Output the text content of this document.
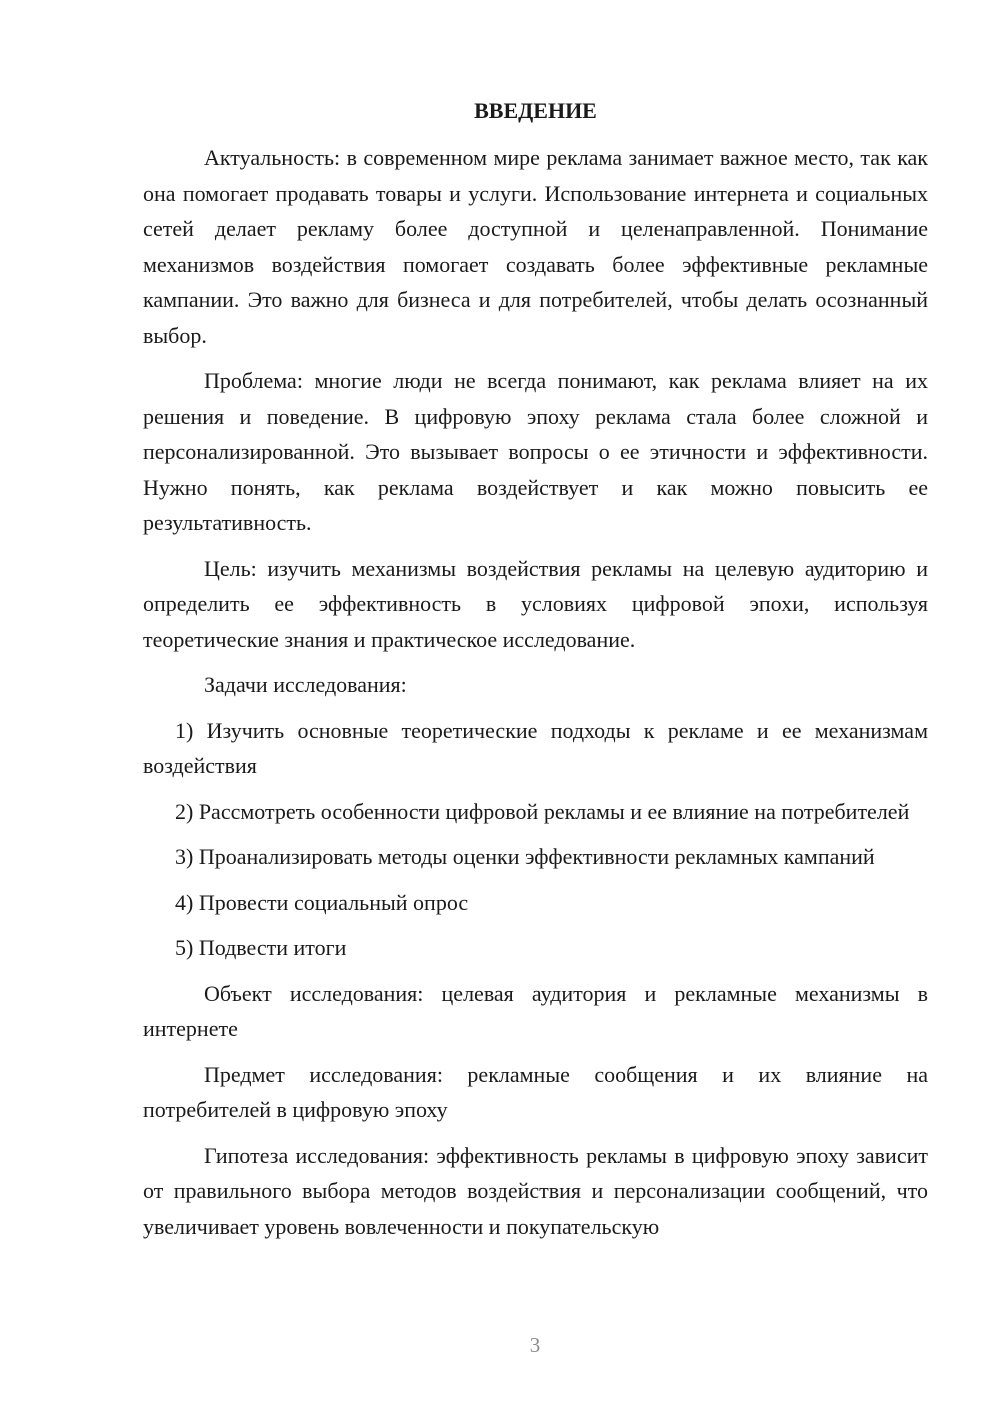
ВВЕДЕНИЕ

Актуальность: в современном мире реклама занимает важное место, так как она помогает продавать товары и услуги. Использование интернета и социальных сетей делает рекламу более доступной и целенаправленной. Понимание механизмов воздействия помогает создавать более эффективные рекламные кампании. Это важно для бизнеса и для потребителей, чтобы делать осознанный выбор.

Проблема: многие люди не всегда понимают, как реклама влияет на их решения и поведение. В цифровую эпоху реклама стала более сложной и персонализированной. Это вызывает вопросы о ее этичности и эффективности. Нужно понять, как реклама воздействует и как можно повысить ее результативность.

Цель: изучить механизмы воздействия рекламы на целевую аудиторию и определить ее эффективность в условиях цифровой эпохи, используя теоретические знания и практическое исследование.

Задачи исследования:

1) Изучить основные теоретические подходы к рекламе и ее механизмам воздействия

2) Рассмотреть особенности цифровой рекламы и ее влияние на потребителей

3) Проанализировать методы оценки эффективности рекламных кампаний

4) Провести социальный опрос

5) Подвести итоги

Объект исследования: целевая аудитория и рекламные механизмы в интернете

Предмет исследования: рекламные сообщения и их влияние на потребителей в цифровую эпоху

Гипотеза исследования: эффективность рекламы в цифровую эпоху зависит от правильного выбора методов воздействия и персонализации сообщений, что увеличивает уровень вовлеченности и покупательскую

3
